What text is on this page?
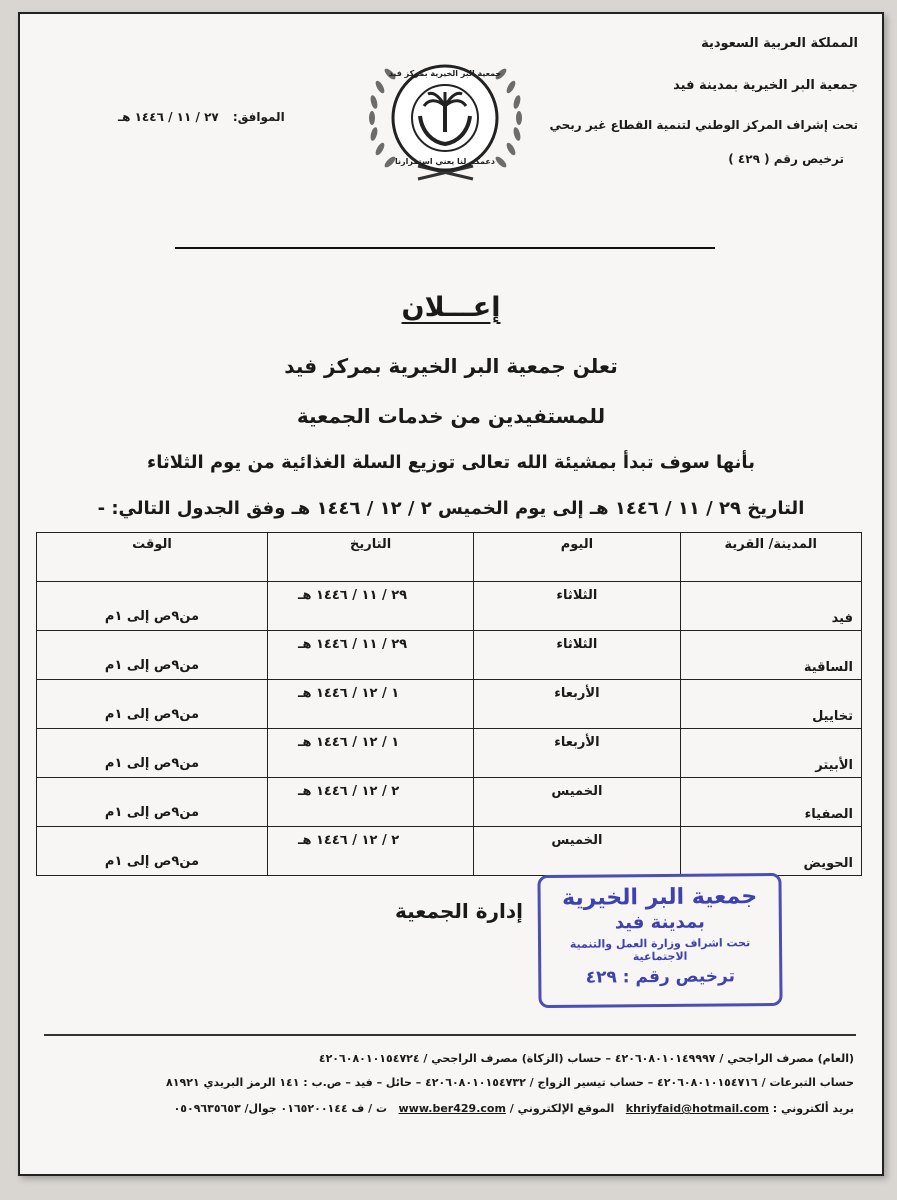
المملكة العربية السعودية
جمعية البر الخيرية بمدينة فيد
تحت إشراف المركز الوطني لتنمية القطاع غير ربحي
ترخيص رقم ( ٤٢٩ )
جمعية البر الخيرية بمركز فيد
دعمكم لنا يعني استمرارنا
الموافق: ٢٧ / ١١ / ١٤٤٦ هـ
إعـــلان
تعلن جمعية البر الخيرية بمركز فيد
للمستفيدين من خدمات الجمعية
بأنها سوف تبدأ بمشيئة الله تعالى توزيع السلة الغذائية من يوم الثلاثاء
التاريخ ٢٩ / ١١ / ١٤٤٦ هـ إلى يوم الخميس ٢ / ١٢ / ١٤٤٦ هـ وفق الجدول التالي: -
المدينة/ القرية	اليوم	التاريخ	الوقت
فيد	الثلاثاء	٢٩ / ١١ / ١٤٤٦ هـ	من٩ص إلى ١م
الساقية	الثلاثاء	٢٩ / ١١ / ١٤٤٦ هـ	من٩ص إلى ١م
تخاييل	الأربعاء	١ / ١٢ / ١٤٤٦ هـ	من٩ص إلى ١م
الأبيتر	الأربعاء	١ / ١٢ / ١٤٤٦ هـ	من٩ص إلى ١م
الصفياء	الخميس	٢ / ١٢ / ١٤٤٦ هـ	من٩ص إلى ١م
الحويض	الخميس	٢ / ١٢ / ١٤٤٦ هـ	من٩ص إلى ١م
إدارة الجمعية
جمعية البر الخيرية
بمدينة فيد
تحت اشراف وزارة العمل والتنمية الاجتماعية
ترخيص رقم : ٤٢٩
(العام) مصرف الراجحي / ٤٢٠٦٠٨٠١٠١٤٩٩٩٧ – حساب (الزكاة) مصرف الراجحي / ٤٢٠٦٠٨٠١٠١٥٤٧٢٤
حساب التبرعات / ٤٢٠٦٠٨٠١٠١٥٤٧١٦ – حساب تيسير الزواج / ٤٢٠٦٠٨٠١٠١٥٤٧٣٢ – حائل – فيد – ص.ب : ١٤١ الرمز البريدي ٨١٩٢١
بريد ألكتروني : khriyfaid@hotmail.com   الموقع الإلكتروني / www.ber429.com   ت / ف ٠١٦٥٢٠٠١٤٤ جوال/ ٠٥٠٩٦٣٥٦٥٣
